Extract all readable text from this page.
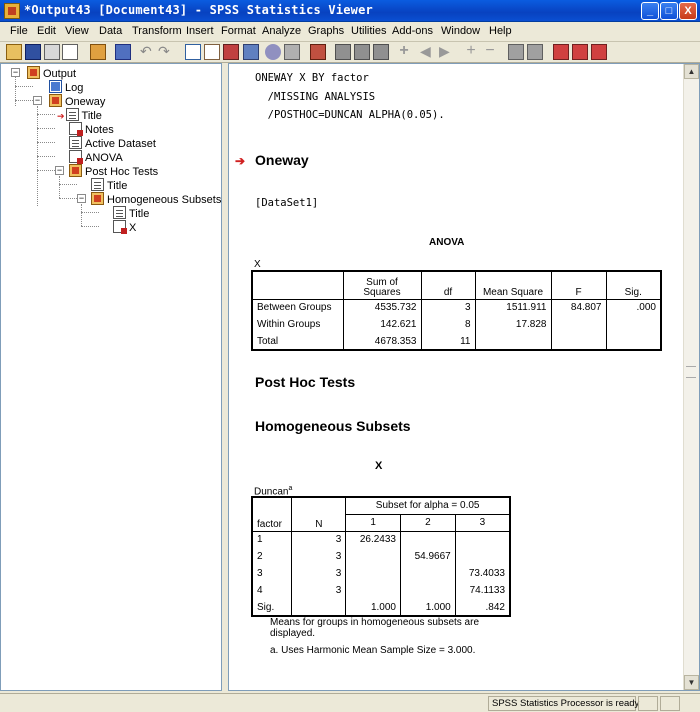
*Output43 [Document43] - SPSS Statistics Viewer	_	□	X
File Edit View Data Transform Insert Format Analyze Graphs Utilities Add-ons Window Help
↶ ↷	+ ◀ ▶	+ −
−
−
−
−
Output
Log
Oneway
➔ Title
Notes
Active Dataset
ANOVA
Post Hoc Tests
Title
Homogeneous Subsets
Title
X
ONEWAY X BY factor
/MISSING ANALYSIS
/POSTHOC=DUNCAN ALPHA(0.05).
➔ Oneway
[DataSet1]
ANOVA
X
	Sum of Squares	df	Mean Square	F	Sig.
Between Groups	4535.732	3	1511.911	84.807	.000
Within Groups	142.621	8	17.828		
Total	4678.353	11			
Post Hoc Tests
Homogeneous Subsets
X
Duncan$^a$
factor	N	Subset for alpha = 0.05		
		1	2	3
1	3	26.2433		
2	3		54.9667	
3	3			73.4033
4	3			74.1133
Sig.		1.000	1.000	.842
Means for groups in homogeneous subsets are displayed.
a. Uses Harmonic Mean Sample Size = 3.000.
▲
▼
SPSS Statistics Processor is ready
